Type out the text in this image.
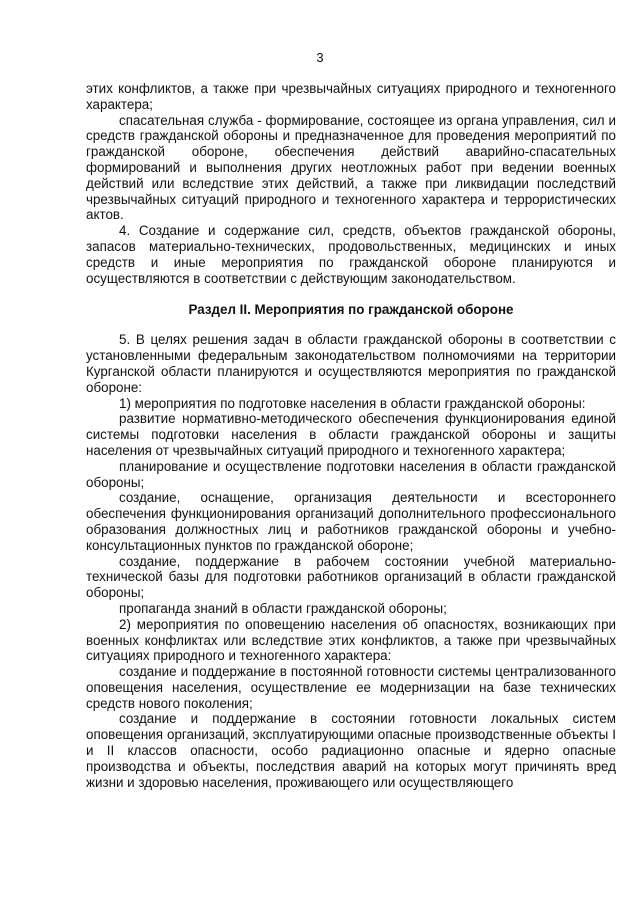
3

этих конфликтов, а также при чрезвычайных ситуациях природного и техногенного характера;

спасательная служба - формирование, состоящее из органа управления, сил и средств гражданской обороны и предназначенное для проведения мероприятий по гражданской обороне, обеспечения действий аварийно-спасательных формирований и выполнения других неотложных работ при ведении военных действий или вследствие этих действий, а также при ликвидации последствий чрезвычайных ситуаций природного и техногенного характера и террористических актов.

4. Создание и содержание сил, средств, объектов гражданской обороны, запасов материально-технических, продовольственных, медицинских и иных средств и иные мероприятия по гражданской обороне планируются и осуществляются в соответствии с действующим законодательством.

Раздел II. Мероприятия по гражданской обороне

5. В целях решения задач в области гражданской обороны в соответствии с установленными федеральным законодательством полномочиями на территории Курганской области планируются и осуществляются мероприятия по гражданской обороне:

1) мероприятия по подготовке населения в области гражданской обороны:

развитие нормативно-методического обеспечения функционирования единой системы подготовки населения в области гражданской обороны и защиты населения от чрезвычайных ситуаций природного и техногенного характера;

планирование и осуществление подготовки населения в области гражданской обороны;

создание, оснащение, организация деятельности и всестороннего обеспечения функционирования организаций дополнительного профессионального образования должностных лиц и работников гражданской обороны и учебно-консультационных пунктов по гражданской обороне;

создание, поддержание в рабочем состоянии учебной материально-технической базы для подготовки работников организаций в области гражданской обороны;

пропаганда знаний в области гражданской обороны;

2) мероприятия по оповещению населения об опасностях, возникающих при военных конфликтах или вследствие этих конфликтов, а также при чрезвычайных ситуациях природного и техногенного характера:

создание и поддержание в постоянной готовности системы централизованного оповещения населения, осуществление ее модернизации на базе технических средств нового поколения;

создание и поддержание в состоянии готовности локальных систем оповещения организаций, эксплуатирующими опасные производственные объекты I и II классов опасности, особо радиационно опасные и ядерно опасные производства и объекты, последствия аварий на которых могут причинять вред жизни и здоровью населения, проживающего или осуществляющего
